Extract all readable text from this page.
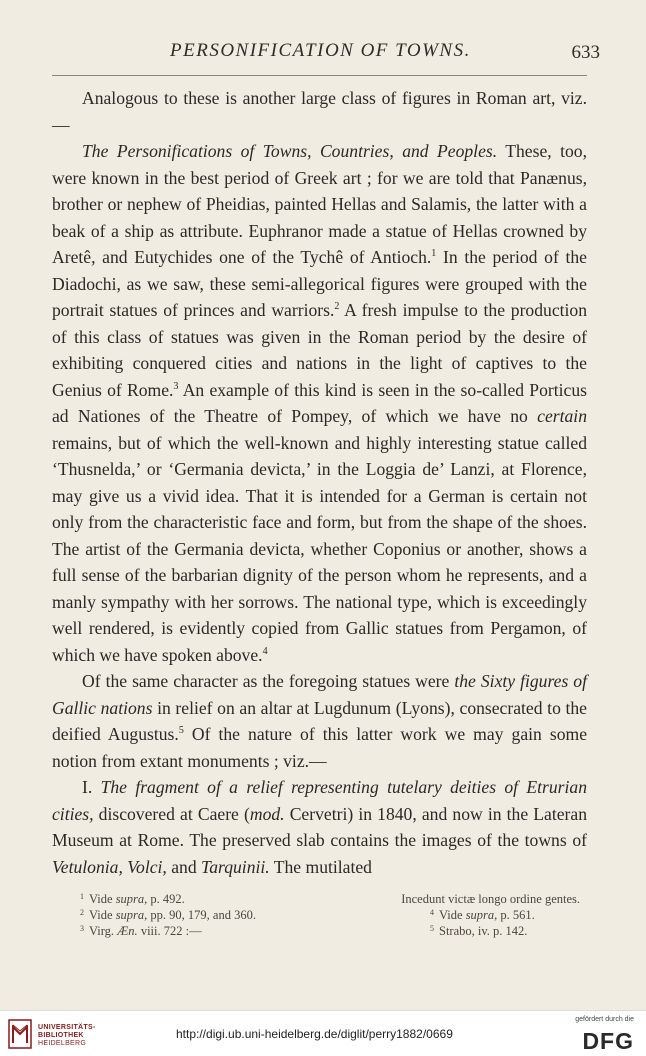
PERSONIFICATION OF TOWNS.	633

Analogous to these is another large class of figures in Roman art, viz.—

The Personifications of Towns, Countries, and Peoples. These, too, were known in the best period of Greek art ; for we are told that Panænus, brother or nephew of Pheidias, painted Hellas and Salamis, the latter with a beak of a ship as attribute. Euphranor made a statue of Hellas crowned by Aretê, and Eutychides one of the Tychê of Antioch.$^1$ In the period of the Diadochi, as we saw, these semi-allegorical figures were grouped with the portrait statues of princes and warriors.$^2$ A fresh impulse to the production of this class of statues was given in the Roman period by the desire of exhibiting conquered cities and nations in the light of captives to the Genius of Rome.$^3$ An example of this kind is seen in the so-called Porticus ad Nationes of the Theatre of Pompey, of which we have no certain remains, but of which the well-known and highly interesting statue called ‘Thusnelda,’ or ‘Germania devicta,’ in the Loggia de’ Lanzi, at Florence, may give us a vivid idea. That it is intended for a German is certain not only from the characteristic face and form, but from the shape of the shoes. The artist of the Germania devicta, whether Coponius or another, shows a full sense of the barbarian dignity of the person whom he represents, and a manly sympathy with her sorrows. The national type, which is exceedingly well rendered, is evidently copied from Gallic statues from Pergamon, of which we have spoken above.$^4$

Of the same character as the foregoing statues were the Sixty figures of Gallic nations in relief on an altar at Lugdunum (Lyons), consecrated to the deified Augustus.$^5$ Of the nature of this latter work we may gain some notion from extant monuments ; viz.—

I. The fragment of a relief representing tutelary deities of Etrurian cities, discovered at Caere (mod. Cervetri) in 1840, and now in the Lateran Museum at Rome. The preserved slab contains the images of the towns of Vetulonia, Volci, and Tarquinii. The mutilated

$^1$ Vide supra, p. 492.	Incedunt victæ longo ordine gentes.
$^2$ Vide supra, pp. 90, 179, and 360.	$^4$ Vide supra, p. 561.
$^3$ Virg. Æn. viii. 722 :—	$^5$ Strabo, iv. p. 142.
UNIVERSITÄTS-
BIBLIOTHEK
HEIDELBERG
http://digi.ub.uni-heidelberg.de/diglit/perry1882/0669
gefördert durch die
DFG
